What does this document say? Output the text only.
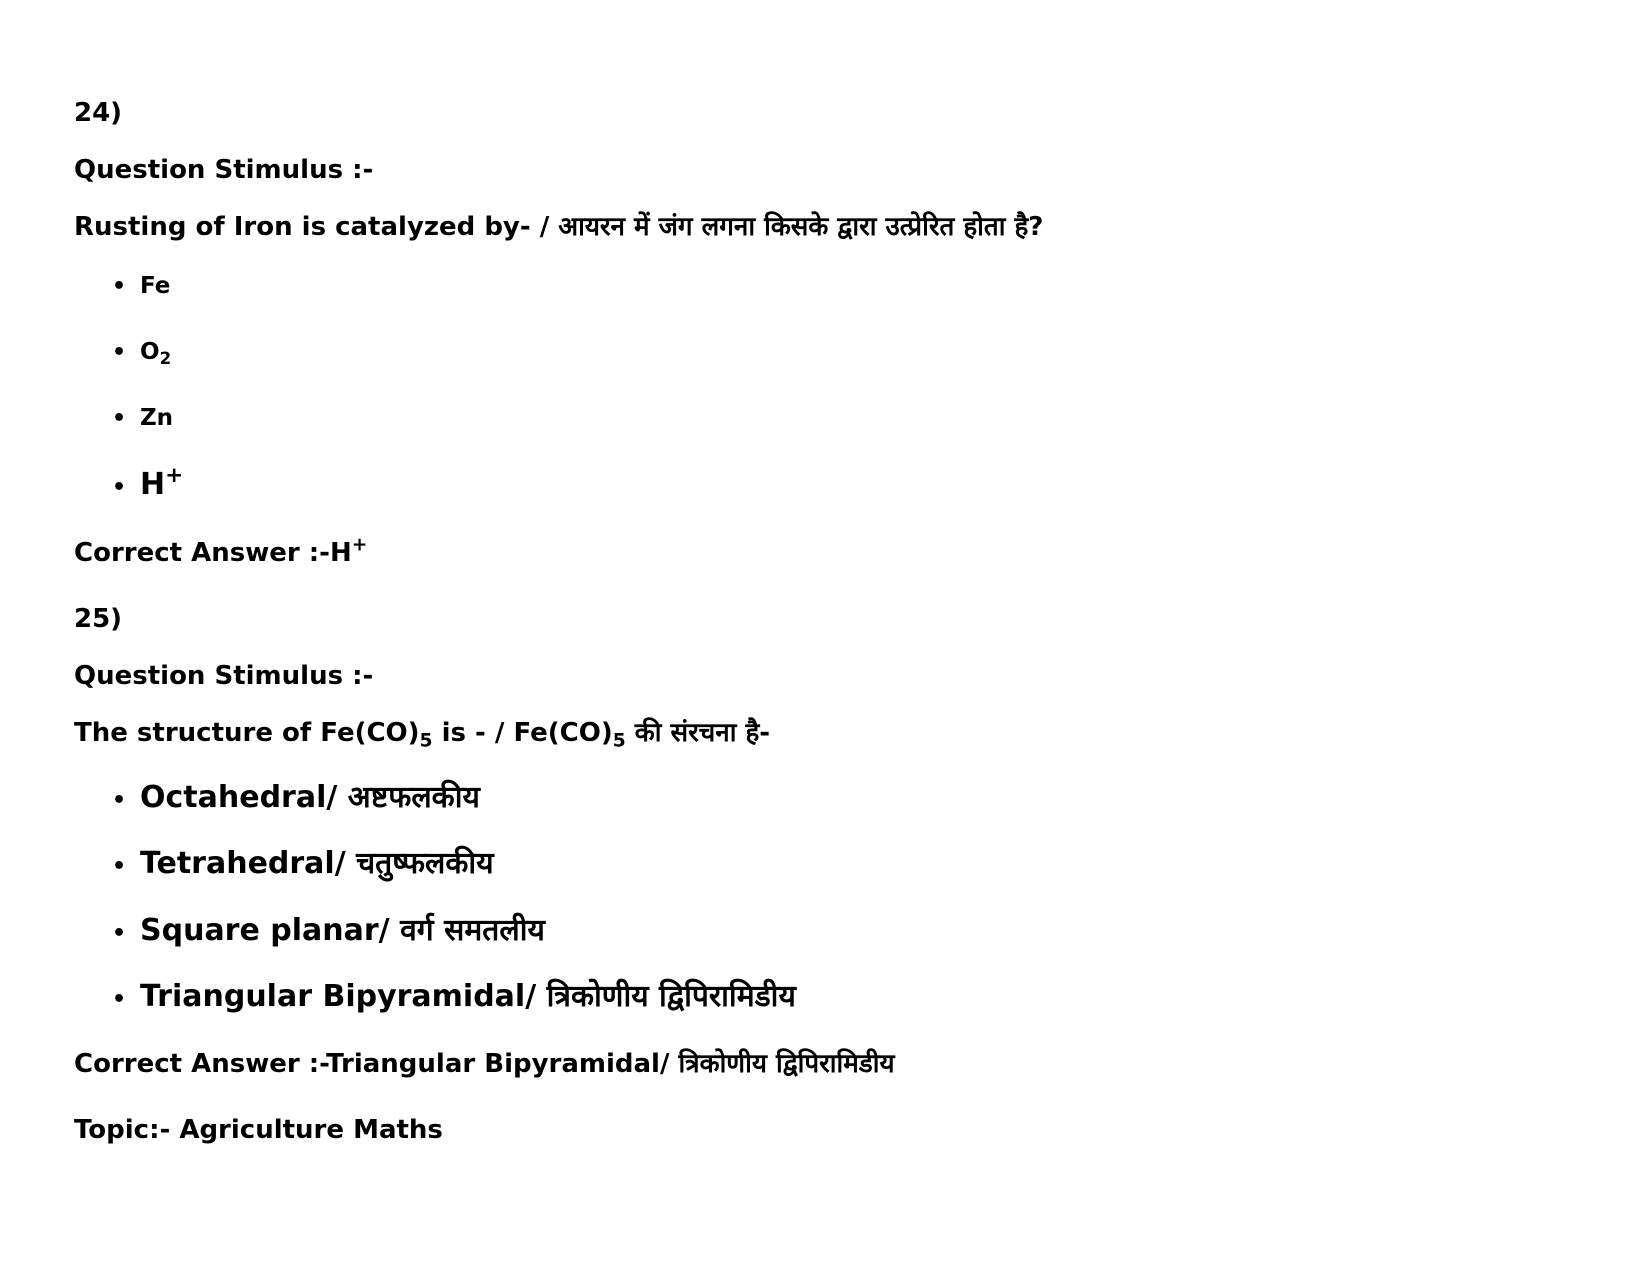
24)
Question Stimulus :-
Rusting of Iron is catalyzed by- / आयरन में जंग लगना किसके द्वारा उत्प्रेरित होता है?
• Fe
• $O_2$
• Zn
• H+
Correct Answer :-H+
25)
Question Stimulus :-
The structure of $Fe(CO)_5$ is - / $Fe(CO)_5$ की संरचना है-
• Octahedral/ अष्टफलकीय
• Tetrahedral/ चतुष्फलकीय
• Square planar/ वर्ग समतलीय
• Triangular Bipyramidal/ त्रिकोणीय द्विपिरामिडीय
Correct Answer :-Triangular Bipyramidal/ त्रिकोणीय द्विपिरामिडीय
Topic:- Agriculture Maths
